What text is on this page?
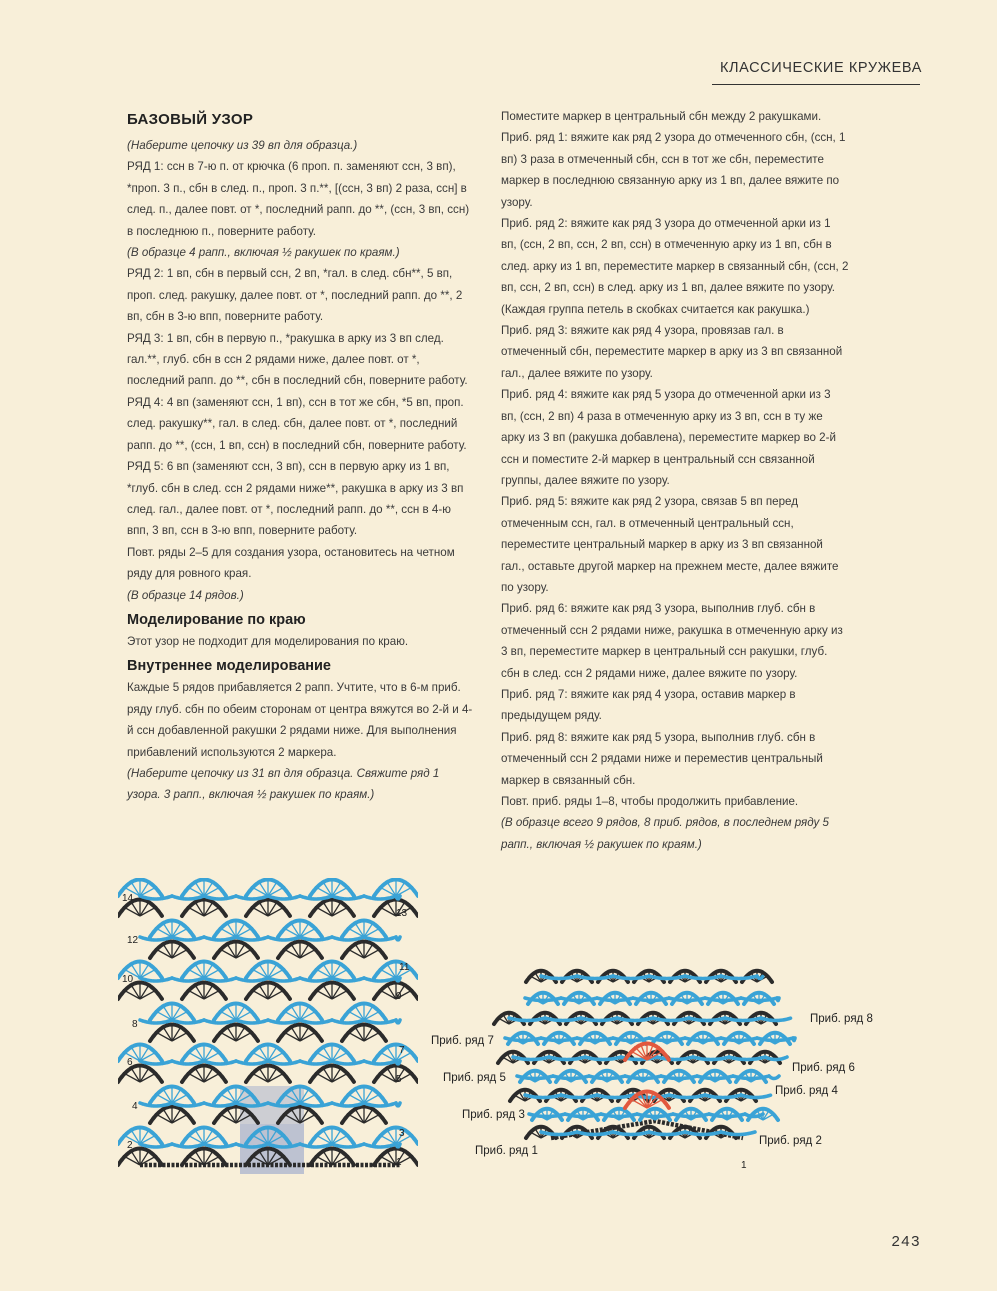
КЛАССИЧЕСКИЕ КРУЖЕВА
БАЗОВЫЙ УЗОР

(Наберите цепочку из 39 вп для образца.)

РЯД 1: ссн в 7-ю п. от крючка (6 проп. п. заменяют ссн, 3 вп), *проп. 3 п., сбн в след. п., проп. 3 п.**, [(ссн, 3 вп) 2 раза, ссн] в след. п., далее повт. от *, последний рапп. до **, (ссн, 3 вп, ссн) в последнюю п., поверните работу.

(В образце 4 рапп., включая ½ ракушек по краям.)

РЯД 2: 1 вп, сбн в первый ссн, 2 вп, *гал. в след. сбн**, 5 вп, проп. след. ракушку, далее повт. от *, последний рапп. до **, 2 вп, сбн в 3-ю впп, поверните работу.

РЯД 3: 1 вп, сбн в первую п., *ракушка в арку из 3 вп след. гал.**, глуб. сбн в ссн 2 рядами ниже, далее повт. от *, последний рапп. до **, сбн в последний сбн, поверните работу.

РЯД 4: 4 вп (заменяют ссн, 1 вп), ссн в тот же сбн, *5 вп, проп. след. ракушку**, гал. в след. сбн, далее повт. от *, последний рапп. до **, (ссн, 1 вп, ссн) в последний сбн, поверните работу.

РЯД 5: 6 вп (заменяют ссн, 3 вп), ссн в первую арку из 1 вп, *глуб. сбн в след. ссн 2 рядами ниже**, ракушка в арку из 3 вп след. гал., далее повт. от *, последний рапп. до **, ссн в 4-ю впп, 3 вп, ссн в 3-ю впп, поверните работу.

Повт. ряды 2–5 для создания узора, остановитесь на четном ряду для ровного края.

(В образце 14 рядов.)

Моделирование по краю

Этот узор не подходит для моделирования по краю.

Внутреннее моделирование

Каждые 5 рядов прибавляется 2 рапп. Учтите, что в 6-м приб. ряду глуб. сбн по обеим сторонам от центра вяжутся во 2-й и 4-й ссн добавленной ракушки 2 рядами ниже. Для выполнения прибавлений используются 2 маркера.

(Наберите цепочку из 31 вп для образца. Свяжите ряд 1 узора. 3 рапп., включая ½ ракушек по краям.)

Поместите маркер в центральный сбн между 2 ракушками.

Приб. ряд 1: вяжите как ряд 2 узора до отмеченного сбн, (ссн, 1 вп) 3 раза в отмеченный сбн, ссн в тот же сбн, переместите маркер в последнюю связанную арку из 1 вп, далее вяжите по узору.

Приб. ряд 2: вяжите как ряд 3 узора до отмеченной арки из 1 вп, (ссн, 2 вп, ссн, 2 вп, ссн) в отмеченную арку из 1 вп, сбн в след. арку из 1 вп, переместите маркер в связанный сбн, (ссн, 2 вп, ссн, 2 вп, ссн) в след. арку из 1 вп, далее вяжите по узору. (Каждая группа петель в скобках считается как ракушка.)

Приб. ряд 3: вяжите как ряд 4 узора, провязав гал. в отмеченный сбн, переместите маркер в арку из 3 вп связанной гал., далее вяжите по узору.

Приб. ряд 4: вяжите как ряд 5 узора до отмеченной арки из 3 вп, (ссн, 2 вп) 4 раза в отмеченную арку из 3 вп, ссн в ту же арку из 3 вп (ракушка добавлена), переместите маркер во 2-й ссн и поместите 2-й маркер в центральный ссн связанной группы, далее вяжите по узору.

Приб. ряд 5: вяжите как ряд 2 узора, связав 5 вп перед отмеченным ссн, гал. в отмеченный центральный ссн, переместите центральный маркер в арку из 3 вп связанной гал., оставьте другой маркер на прежнем месте, далее вяжите по узору.

Приб. ряд 6: вяжите как ряд 3 узора, выполнив глуб. сбн в отмеченный ссн 2 рядами ниже, ракушка в отмеченную арку из 3 вп, переместите маркер в центральный ссн ракушки, глуб. сбн в след. ссн 2 рядами ниже, далее вяжите по узору.

Приб. ряд 7: вяжите как ряд 4 узора, оставив маркер в предыдущем ряду.

Приб. ряд 8: вяжите как ряд 5 узора, выполнив глуб. сбн в отмеченный ссн 2 рядами ниже и переместив центральный маркер в связанный сбн.

Повт. приб. ряды 1–8, чтобы продолжить прибавление.

(В образце всего 9 рядов, 8 приб. рядов, в последнем ряду 5 рапп., включая ½ ракушек по краям.)

14
12
10
8
6
4
2
13
11
9
7
5
3
1
Приб. ряд 7
Приб. ряд 5
Приб. ряд 3
Приб. ряд 1
Приб. ряд 8
Приб. ряд 6
Приб. ряд 4
Приб. ряд 2
1
243
